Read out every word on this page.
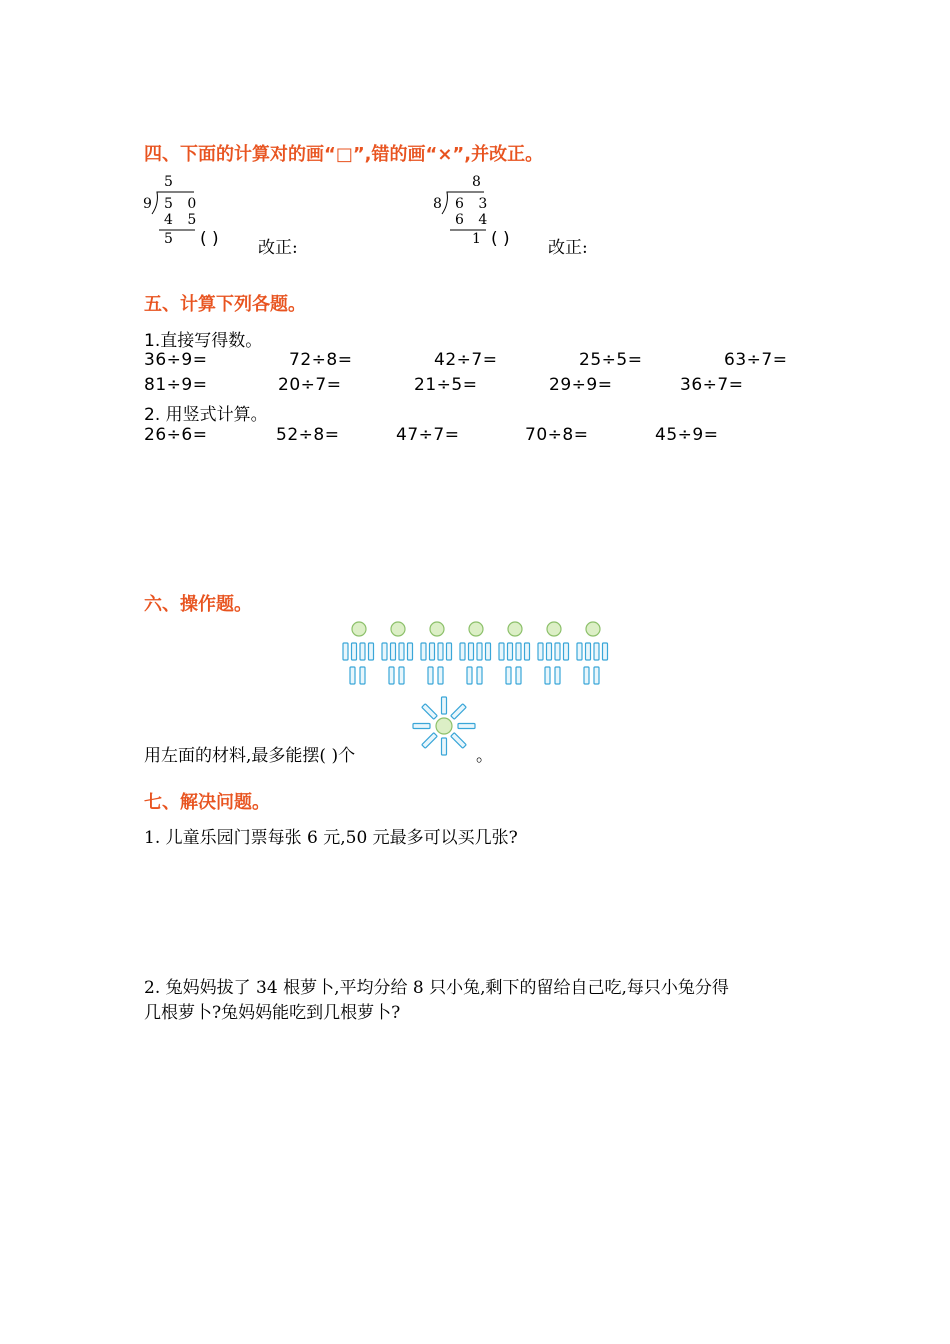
四、下面的计算对的画“□”,错的画“×”,并改正。
5
9 5 0
4 5
5 ( ) 改正:
8
8 6 3
6 4
1 ( ) 改正:
五、计算下列各题。
1.直接写得数。
36÷9=	72÷8=	42÷7=	25÷5=	63÷7=
81÷9=	20÷7=	21÷5=	29÷9=	36÷7=
2. 用竖式计算。
26÷6=	52÷8=	47÷7=	70÷8=	45÷9=
六、操作题。
用左面的材料,最多能摆( )个	。
七、解决问题。
1. 儿童乐园门票每张 6 元,50 元最多可以买几张?
2. 兔妈妈拔了 34 根萝卜,平均分给 8 只小兔,剩下的留给自己吃,每只小兔分得
几根萝卜?兔妈妈能吃到几根萝卜?
